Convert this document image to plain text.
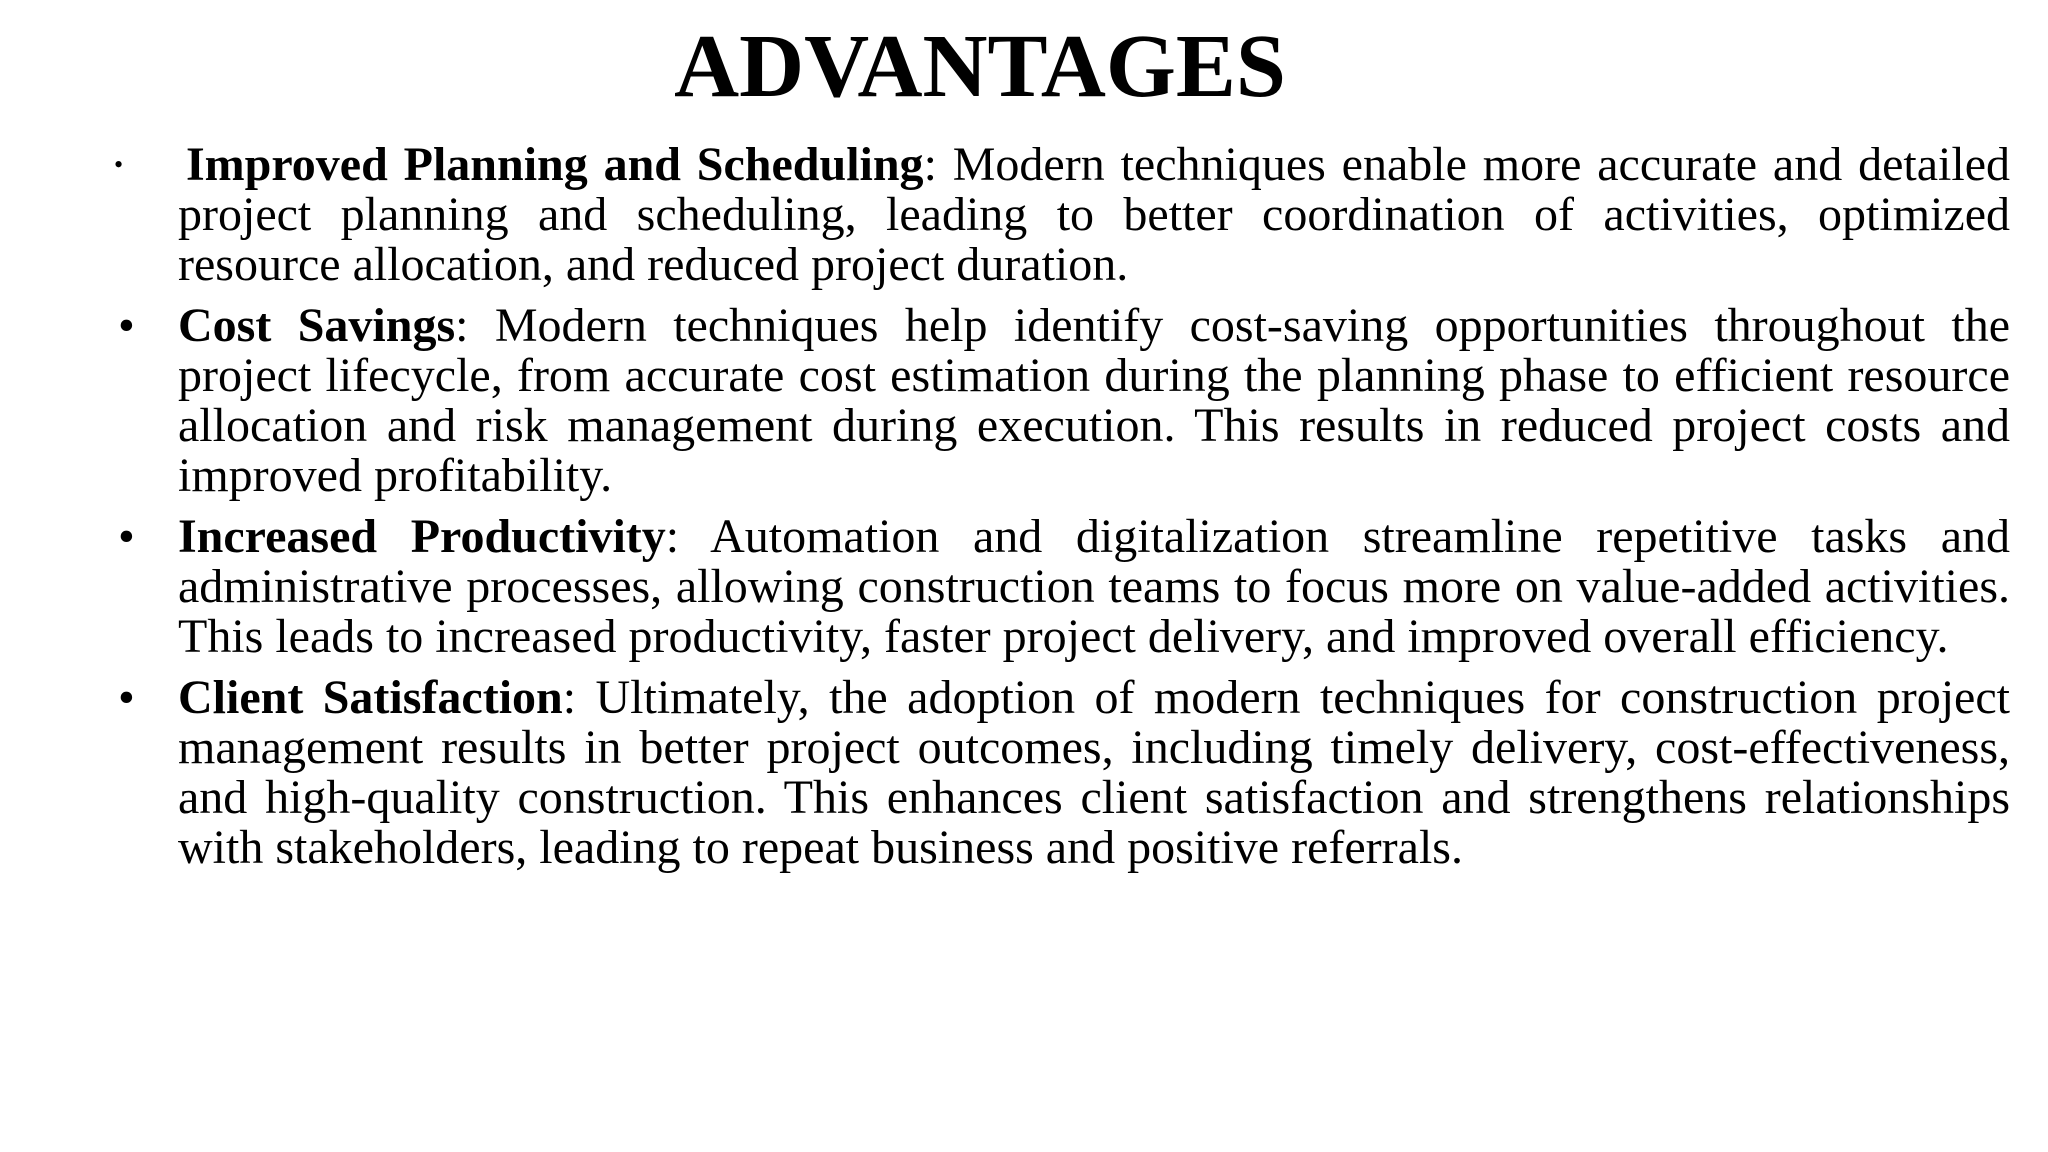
ADVANTAGES
• Improved Planning and Scheduling: Modern techniques enable more accurate and detailed project planning and scheduling, leading to better coordination of activities, optimized resource allocation, and reduced project duration.
• Cost Savings: Modern techniques help identify cost-saving opportunities throughout the project lifecycle, from accurate cost estimation during the planning phase to efficient resource allocation and risk management during execution. This results in reduced project costs and improved profitability.
• Increased Productivity: Automation and digitalization streamline repetitive tasks and administrative processes, allowing construction teams to focus more on value-added activities. This leads to increased productivity, faster project delivery, and improved overall efficiency.
• Client Satisfaction: Ultimately, the adoption of modern techniques for construction project management results in better project outcomes, including timely delivery, cost-effectiveness, and high-quality construction. This enhances client satisfaction and strengthens relationships with stakeholders, leading to repeat business and positive referrals.
